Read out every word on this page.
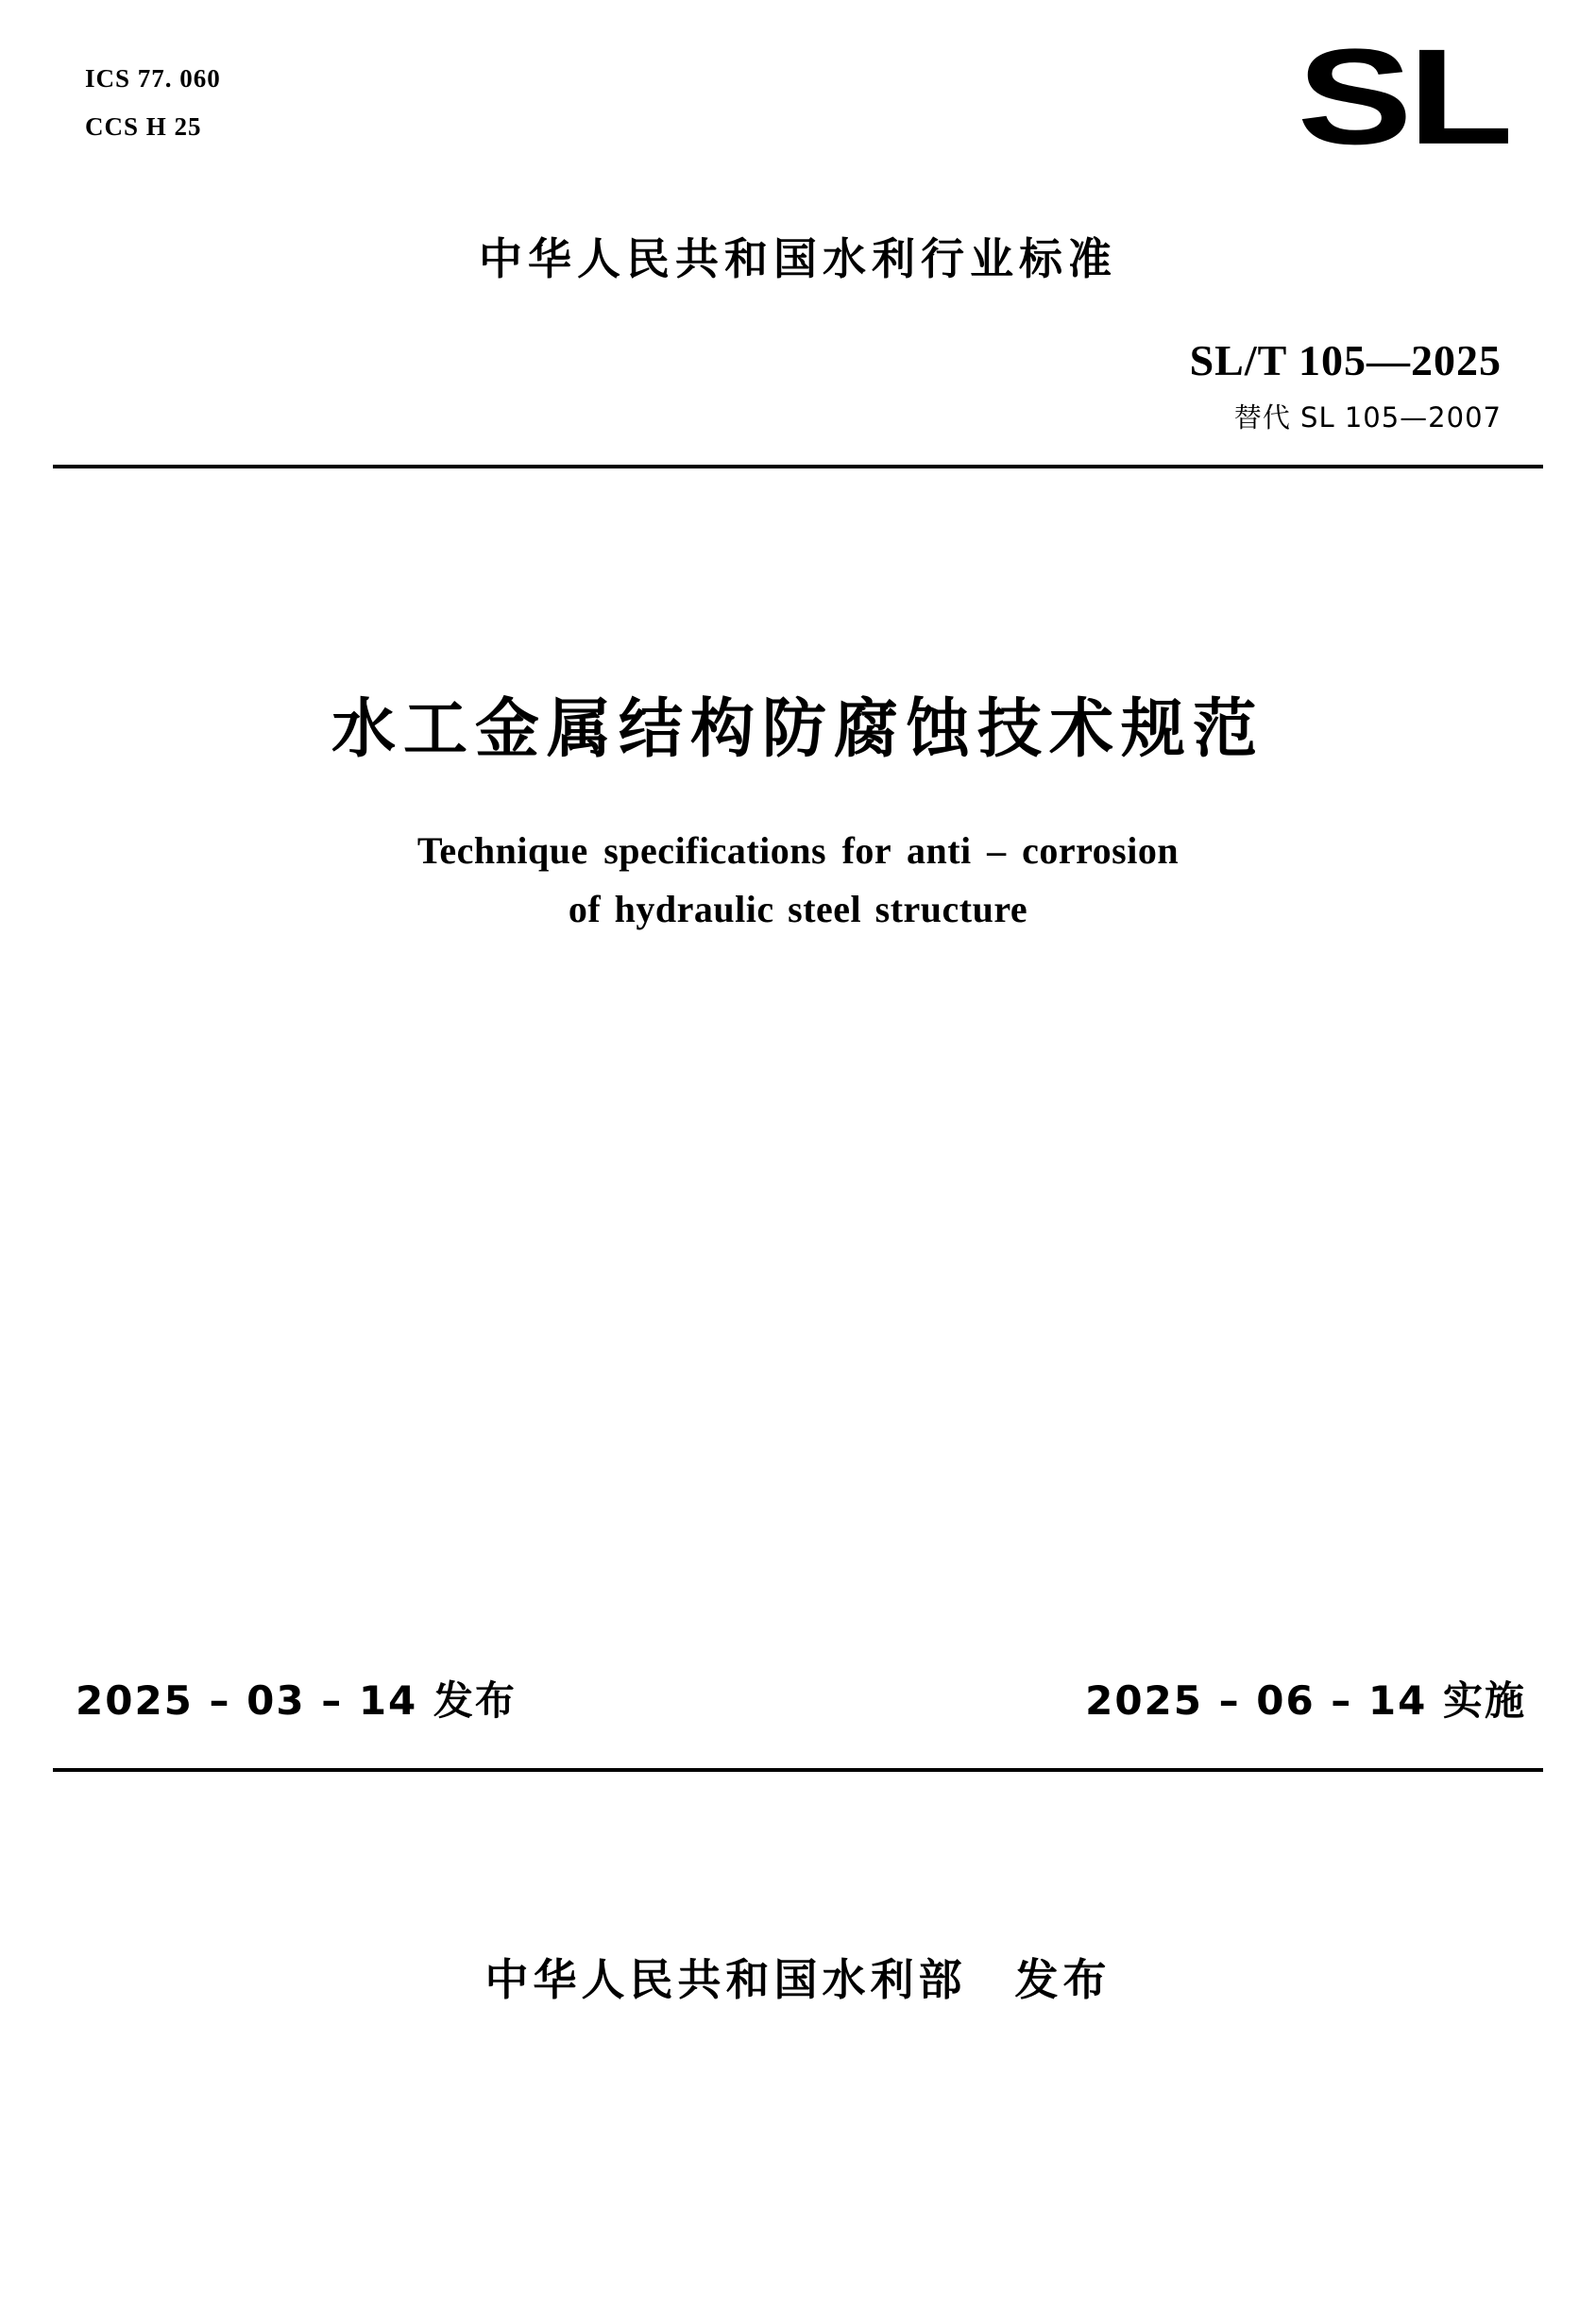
ICS 77. 060
CCS H 25	SL
中华人民共和国水利行业标准
SL/T 105—2025
替代 SL 105—2007
水工金属结构防腐蚀技术规范
Technique specifications for anti – corrosion
of hydraulic steel structure
2025 – 03 – 14 发布	2025 – 06 – 14 实施
中华人民共和国水利部　发布
